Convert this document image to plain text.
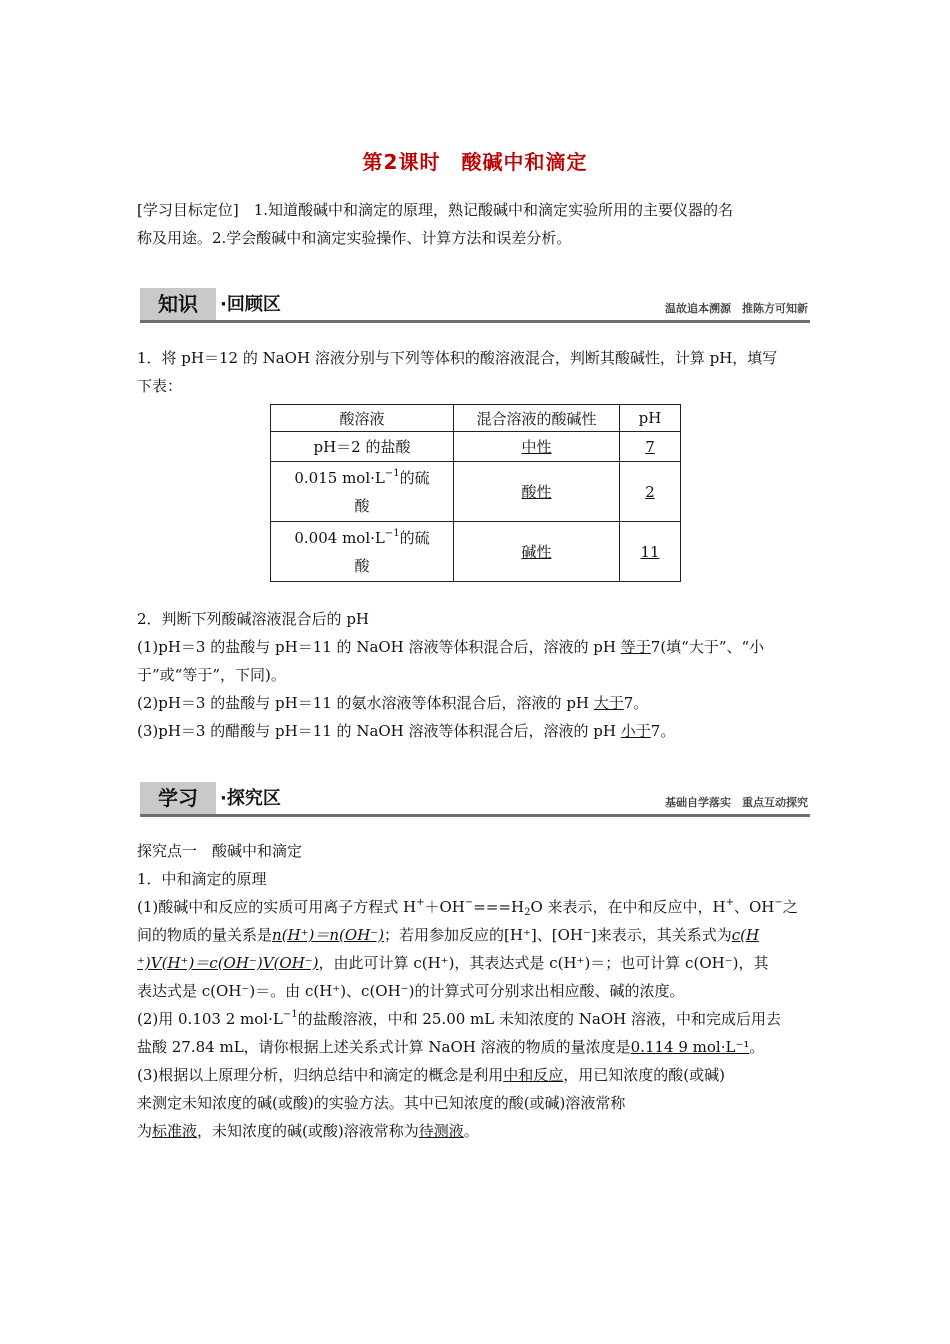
第2课时　酸碱中和滴定
[学习目标定位]　1.知道酸碱中和滴定的原理，熟记酸碱中和滴定实验所用的主要仪器的名
称及用途。2.学会酸碱中和滴定实验操作、计算方法和误差分析。
知识	·回顾区	温故追本溯源　推陈方可知新
1．将 pH＝12 的 NaOH 溶液分别与下列等体积的酸溶液混合，判断其酸碱性，计算 pH，填写
下表：
酸溶液	混合溶液的酸碱性	pH
pH＝2 的盐酸	中性	7
0.015 $mol\cdot L^{-1}$的硫
酸	酸性	2
0.004 $mol\cdot L^{-1}$的硫
酸	碱性	11
2．判断下列酸碱溶液混合后的 pH
(1)pH＝3 的盐酸与 pH＝11 的 NaOH 溶液等体积混合后，溶液的 pH 等于7(填“大于”、“小
于”或“等于”，下同)。
(2)pH＝3 的盐酸与 pH＝11 的氨水溶液等体积混合后，溶液的 pH 大于7。
(3)pH＝3 的醋酸与 pH＝11 的 NaOH 溶液等体积混合后，溶液的 pH 小于7。
学习	·探究区	基础自学落实　重点互动探究
探究点一　酸碱中和滴定
1．中和滴定的原理
(1)酸碱中和反应的实质可用离子方程式 $H^++OH^-===H_2O$ 来表示，在中和反应中，H+、OH−之
间的物质的量关系是n(H⁺)＝n(OH⁻)；若用参加反应的[H⁺]、[OH⁻]来表示，其关系式为c(H
⁺)V(H⁺)＝c(OH⁻)V(OH⁻)，由此可计算 c(H⁺)，其表达式是 c(H⁺)＝；也可计算 c(OH⁻)，其
表达式是 c(OH⁻)＝。由 c(H⁺)、c(OH⁻)的计算式可分别求出相应酸、碱的浓度。
(2)用 0.103 2 $mol\cdot L^{-1}$的盐酸溶液，中和 25.00 mL 未知浓度的 NaOH 溶液，中和完成后用去
盐酸 27.84 mL，请你根据上述关系式计算 NaOH 溶液的物质的量浓度是0.114 9 mol·L⁻¹。
(3)根据以上原理分析，归纳总结中和滴定的概念是利用中和反应，用已知浓度的酸(或碱)
来测定未知浓度的碱(或酸)的实验方法。其中已知浓度的酸(或碱)溶液常称
为标准液，未知浓度的碱(或酸)溶液常称为待测液。
